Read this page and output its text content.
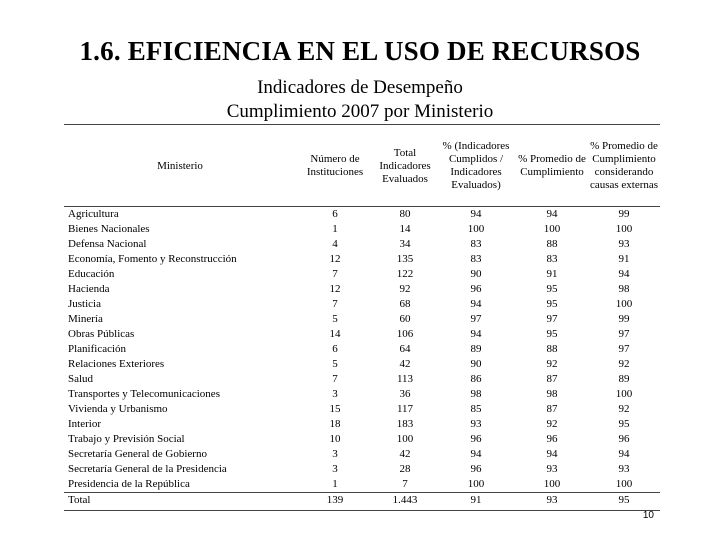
1.6. EFICIENCIA EN EL USO DE RECURSOS
Indicadores de Desempeño
Cumplimiento 2007 por Ministerio
Ministerio	Número de Instituciones	Total Indicadores Evaluados	% (Indicadores Cumplidos / Indicadores Evaluados)	% Promedio de Cumplimiento	% Promedio de Cumplimiento considerando causas externas
Agricultura	6	80	94	94	99
Bienes Nacionales	1	14	100	100	100
Defensa Nacional	4	34	83	88	93
Economía, Fomento y Reconstrucción	12	135	83	83	91
Educación	7	122	90	91	94
Hacienda	12	92	96	95	98
Justicia	7	68	94	95	100
Minería	5	60	97	97	99
Obras Públicas	14	106	94	95	97
Planificación	6	64	89	88	97
Relaciones Exteriores	5	42	90	92	92
Salud	7	113	86	87	89
Transportes y Telecomunicaciones	3	36	98	98	100
Vivienda y Urbanismo	15	117	85	87	92
Interior	18	183	93	92	95
Trabajo y Previsión Social	10	100	96	96	96
Secretaría General de Gobierno	3	42	94	94	94
Secretaría General de la Presidencia	3	28	96	93	93
Presidencia de la República	1	7	100	100	100
Total	139	1.443	91	93	95
10
